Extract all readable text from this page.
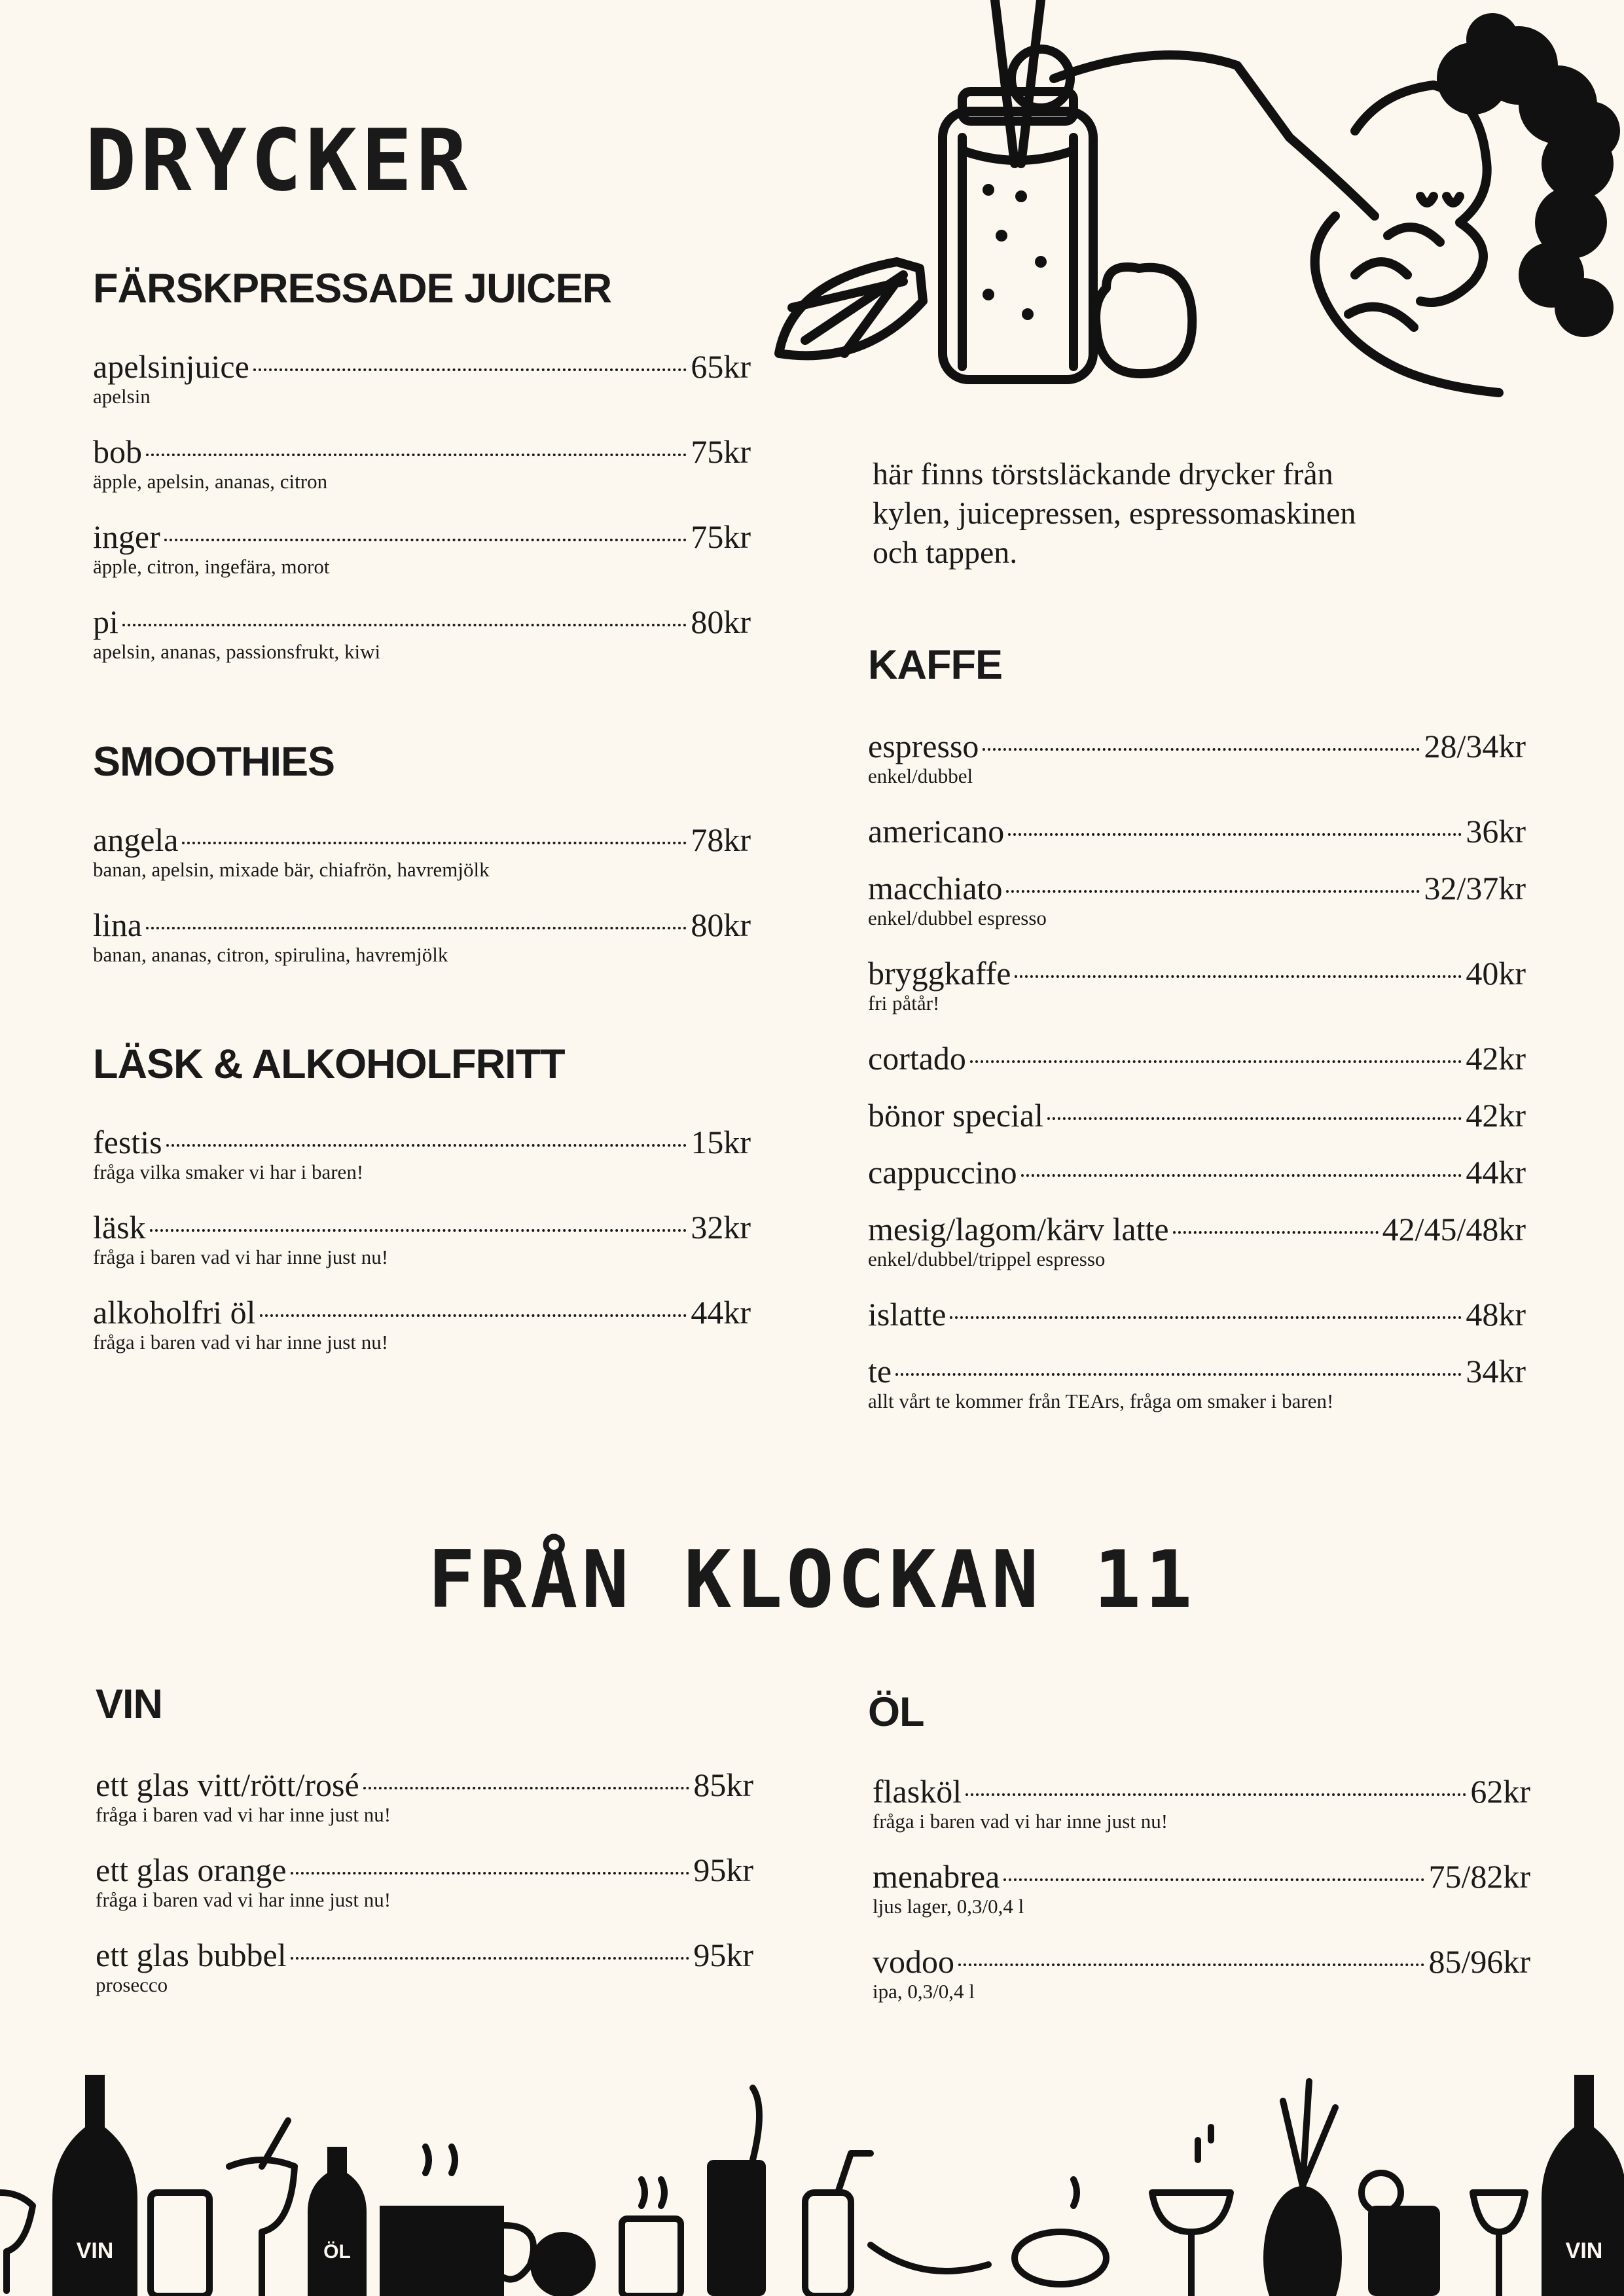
DRYCKER
här finns törstsläckande drycker från
kylen, juicepressen, espressomaskinen
och tappen.
FÄRSKPRESSADE JUICER
apelsinjuice	65kr
apelsin
bob	75kr
äpple, apelsin, ananas, citron
inger	75kr
äpple, citron, ingefära, morot
pi	80kr
apelsin, ananas, passionsfrukt, kiwi
SMOOTHIES
angela	78kr
banan, apelsin, mixade bär, chiafrön, havremjölk
lina	80kr
banan, ananas, citron, spirulina, havremjölk
LÄSK & ALKOHOLFRITT
festis	15kr
fråga vilka smaker vi har i baren!
läsk	32kr
fråga i baren vad vi har inne just nu!
alkoholfri öl	44kr
fråga i baren vad vi har inne just nu!
KAFFE
espresso	28/34kr
enkel/dubbel
americano	36kr
macchiato	32/37kr
enkel/dubbel espresso
bryggkaffe	40kr
fri påtår!
cortado	42kr
bönor special	42kr
cappuccino	44kr
mesig/lagom/kärv latte	42/45/48kr
enkel/dubbel/trippel espresso
islatte	48kr
te	34kr
allt vårt te kommer från TEArs, fråga om smaker i baren!
FRÅN KLOCKAN 11
VIN
ett glas vitt/rött/rosé	85kr
fråga i baren vad vi har inne just nu!
ett glas orange	95kr
fråga i baren vad vi har inne just nu!
ett glas bubbel	95kr
prosecco
ÖL
flasköl	62kr
fråga i baren vad vi har inne just nu!
menabrea	75/82kr
ljus lager, 0,3/0,4 l
vodoo	85/96kr
ipa, 0,3/0,4 l
VIN	ÖL	VIN
